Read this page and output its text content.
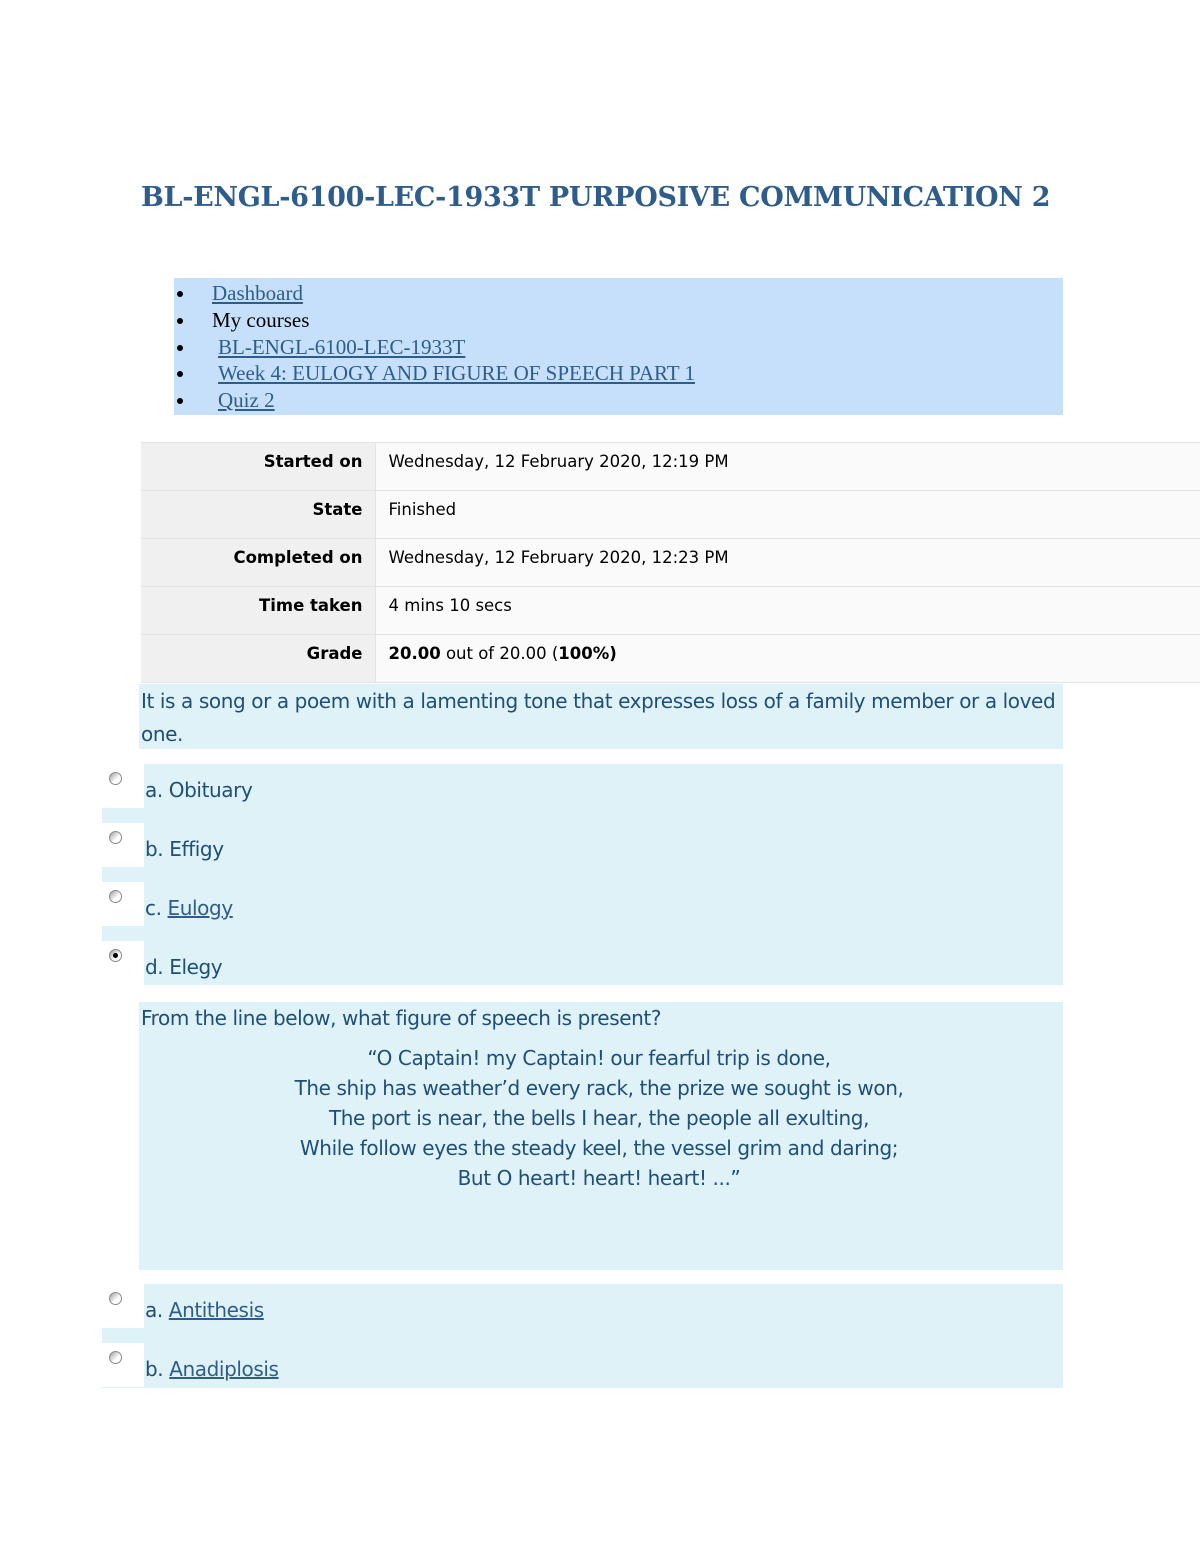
BL-ENGL-6100-LEC-1933T PURPOSIVE COMMUNICATION 2
Dashboard
My courses
BL-ENGL-6100-LEC-1933T
Week 4: EULOGY AND FIGURE OF SPEECH PART 1
Quiz 2
Started on	Wednesday, 12 February 2020, 12:19 PM
State	Finished
Completed on	Wednesday, 12 February 2020, 12:23 PM
Time taken	4 mins 10 secs
Grade	20.00 out of 20.00 (100%)
It is a song or a poem with a lamenting tone that expresses loss of a family member or a loved one.
a. Obituary
b. Effigy
c. Eulogy
d. Elegy
From the line below, what figure of speech is present?
“O Captain! my Captain! our fearful trip is done,
The ship has weather’d every rack, the prize we sought is won,
The port is near, the bells I hear, the people all exulting,
While follow eyes the steady keel, the vessel grim and daring;
But O heart! heart! heart! ...”
a. Antithesis
b. Anadiplosis
